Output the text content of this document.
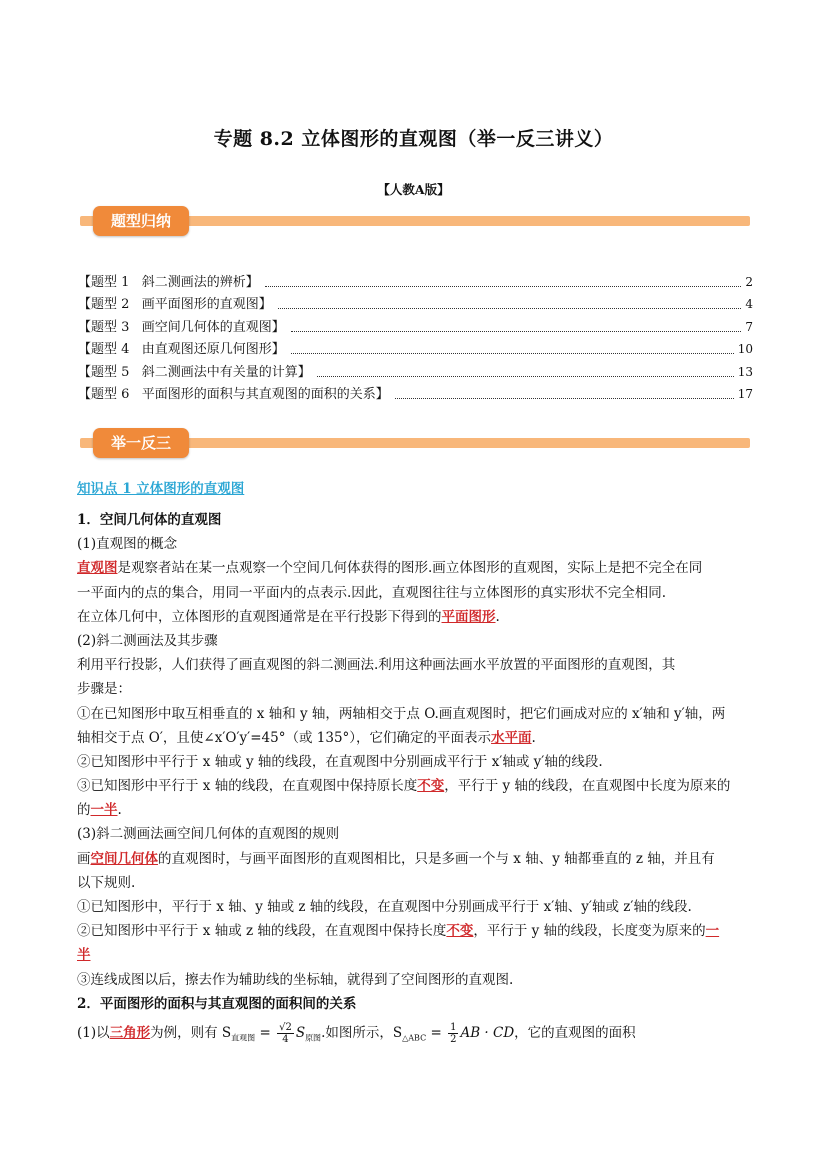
专题 8.2 立体图形的直观图（举一反三讲义）
【人教A版】
题型归纳
【题型 1   斜二测画法的辨析】	2
【题型 2   画平面图形的直观图】	4
【题型 3   画空间几何体的直观图】	7
【题型 4   由直观图还原几何图形】	10
【题型 5   斜二测画法中有关量的计算】	13
【题型 6   平面图形的面积与其直观图的面积的关系】	17
举一反三
知识点 1 立体图形的直观图
1．空间几何体的直观图
(1)直观图的概念
直观图是观察者站在某一点观察一个空间几何体获得的图形.画立体图形的直观图，实际上是把不完全在同
一平面内的点的集合，用同一平面内的点表示.因此，直观图往往与立体图形的真实形状不完全相同.
在立体几何中，立体图形的直观图通常是在平行投影下得到的平面图形.
(2)斜二测画法及其步骤
利用平行投影，人们获得了画直观图的斜二测画法.利用这种画法画水平放置的平面图形的直观图，其
步骤是：
①在已知图形中取互相垂直的 x 轴和 y 轴，两轴相交于点 O.画直观图时，把它们画成对应的 x′轴和 y′轴，两
轴相交于点 O′，且使∠x′O′y′=45°（或 135°），它们确定的平面表示水平面.
②已知图形中平行于 x 轴或 y 轴的线段，在直观图中分别画成平行于 x′轴或 y′轴的线段.
③已知图形中平行于 x 轴的线段，在直观图中保持原长度不变，平行于 y 轴的线段，在直观图中长度为原来的
的一半.
(3)斜二测画法画空间几何体的直观图的规则
画空间几何体的直观图时，与画平面图形的直观图相比，只是多画一个与 x 轴、y 轴都垂直的 z 轴，并且有
以下规则.
①已知图形中，平行于 x 轴、y 轴或 z 轴的线段，在直观图中分别画成平行于 x′轴、y′轴或 z′轴的线段.
②已知图形中平行于 x 轴或 z 轴的线段，在直观图中保持长度不变，平行于 y 轴的线段，长度变为原来的一
半
③连线成图以后，擦去作为辅助线的坐标轴，就得到了空间图形的直观图.
2．平面图形的面积与其直观图的面积间的关系
(1)以三角形为例，则有 $S_{直观图} = \frac{√2}{4} S_{原图}$.如图所示，$S_{\triangle ABC} = \frac{1}{2}$ AB · CD，它的直观图的面积
